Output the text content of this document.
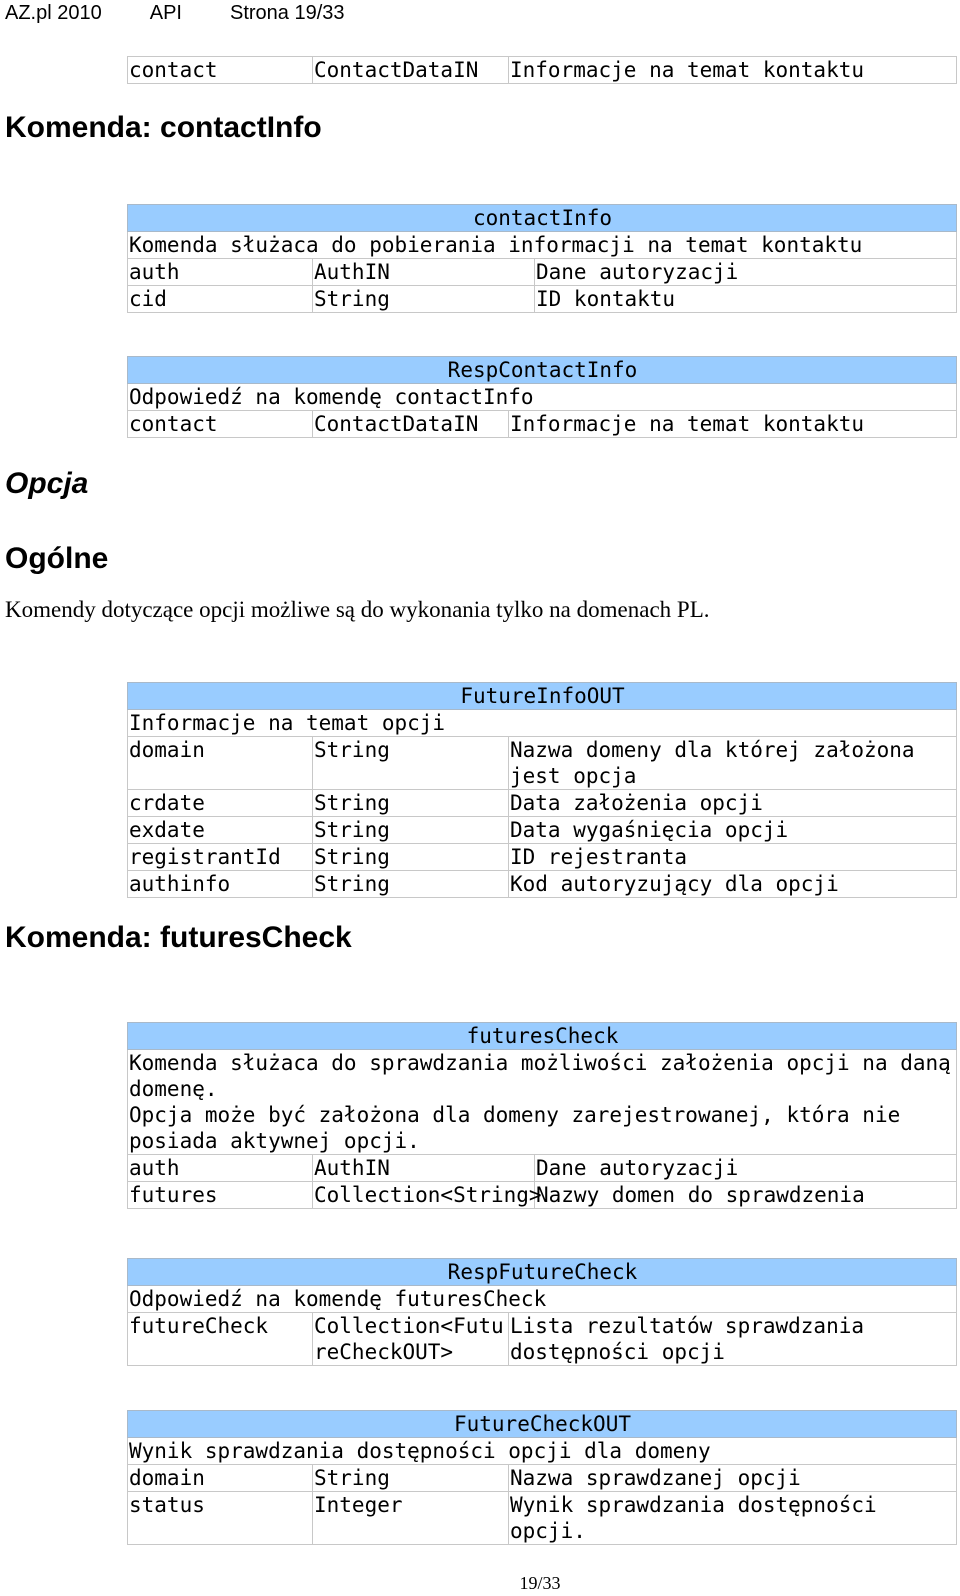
AZ.pl 2010 API Strona 19/33
contact	ContactDataIN	Informacje na temat kontaktu
Komenda: contactInfo
contactInfo		
Komenda służaca do pobierania informacji na temat kontaktu		
auth	AuthIN	Dane autoryzacji
cid	String	ID kontaktu
RespContactInfo
Odpowiedź na komendę contactInfo
contact	ContactDataIN	Informacje na temat kontaktu
Opcja
Ogólne
Komendy dotyczące opcji możliwe są do wykonania tylko na domenach PL.
FutureInfoOUT		
Informacje na temat opcji		
domain	String	Nazwa domeny dla której założona jest opcja
crdate	String	Data założenia opcji
exdate	String	Data wygaśnięcia opcji
registrantId	String	ID rejestranta
authinfo	String	Kod autoryzujący dla opcji
Komenda: futuresCheck
futuresCheck		

Komenda służaca do sprawdzania możliwości założenia opcji na daną domenę.
Opcja może być założona dla domeny zarejestrowanej, która nie posiada aktywnej opcji.		

auth	AuthIN	Dane autoryzacji
futures	Collection<String>	Nazwy domen do sprawdzenia
RespFutureCheck
Odpowiedź na komendę futuresCheck
futureCheck	Collection<FutureCheckOUT>	Lista rezultatów sprawdzania dostępności opcji
FutureCheckOUT		
Wynik sprawdzania dostępności opcji dla domeny		
domain	String	Nazwa sprawdzanej opcji
status	Integer	Wynik sprawdzania dostępności opcji.
19/33
